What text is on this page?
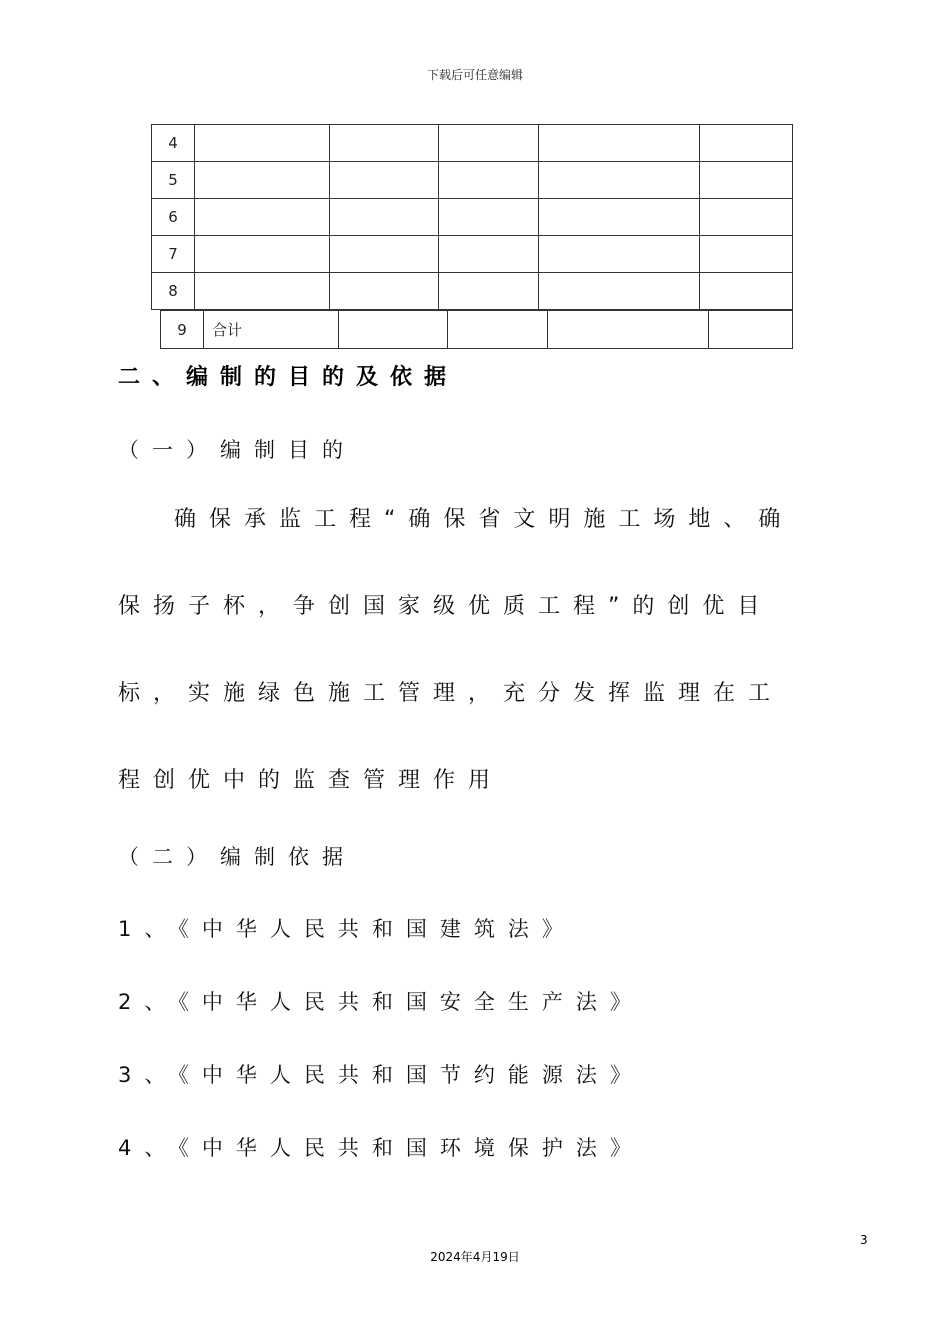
下载后可任意编辑
4					
5					
6					
7					
8					
9	合计				
二、编制的目的及依据
（一）编制目的
确保承监工程“确保省文明施工场地、确
保扬子杯，争创国家级优质工程”的创优目
标，实施绿色施工管理，充分发挥监理在工
程创优中的监查管理作用
（二）编制依据
1、《中华人民共和国建筑法》
2、《中华人民共和国安全生产法》
3、《中华人民共和国节约能源法》
4、《中华人民共和国环境保护法》
3
2024年4月19日
